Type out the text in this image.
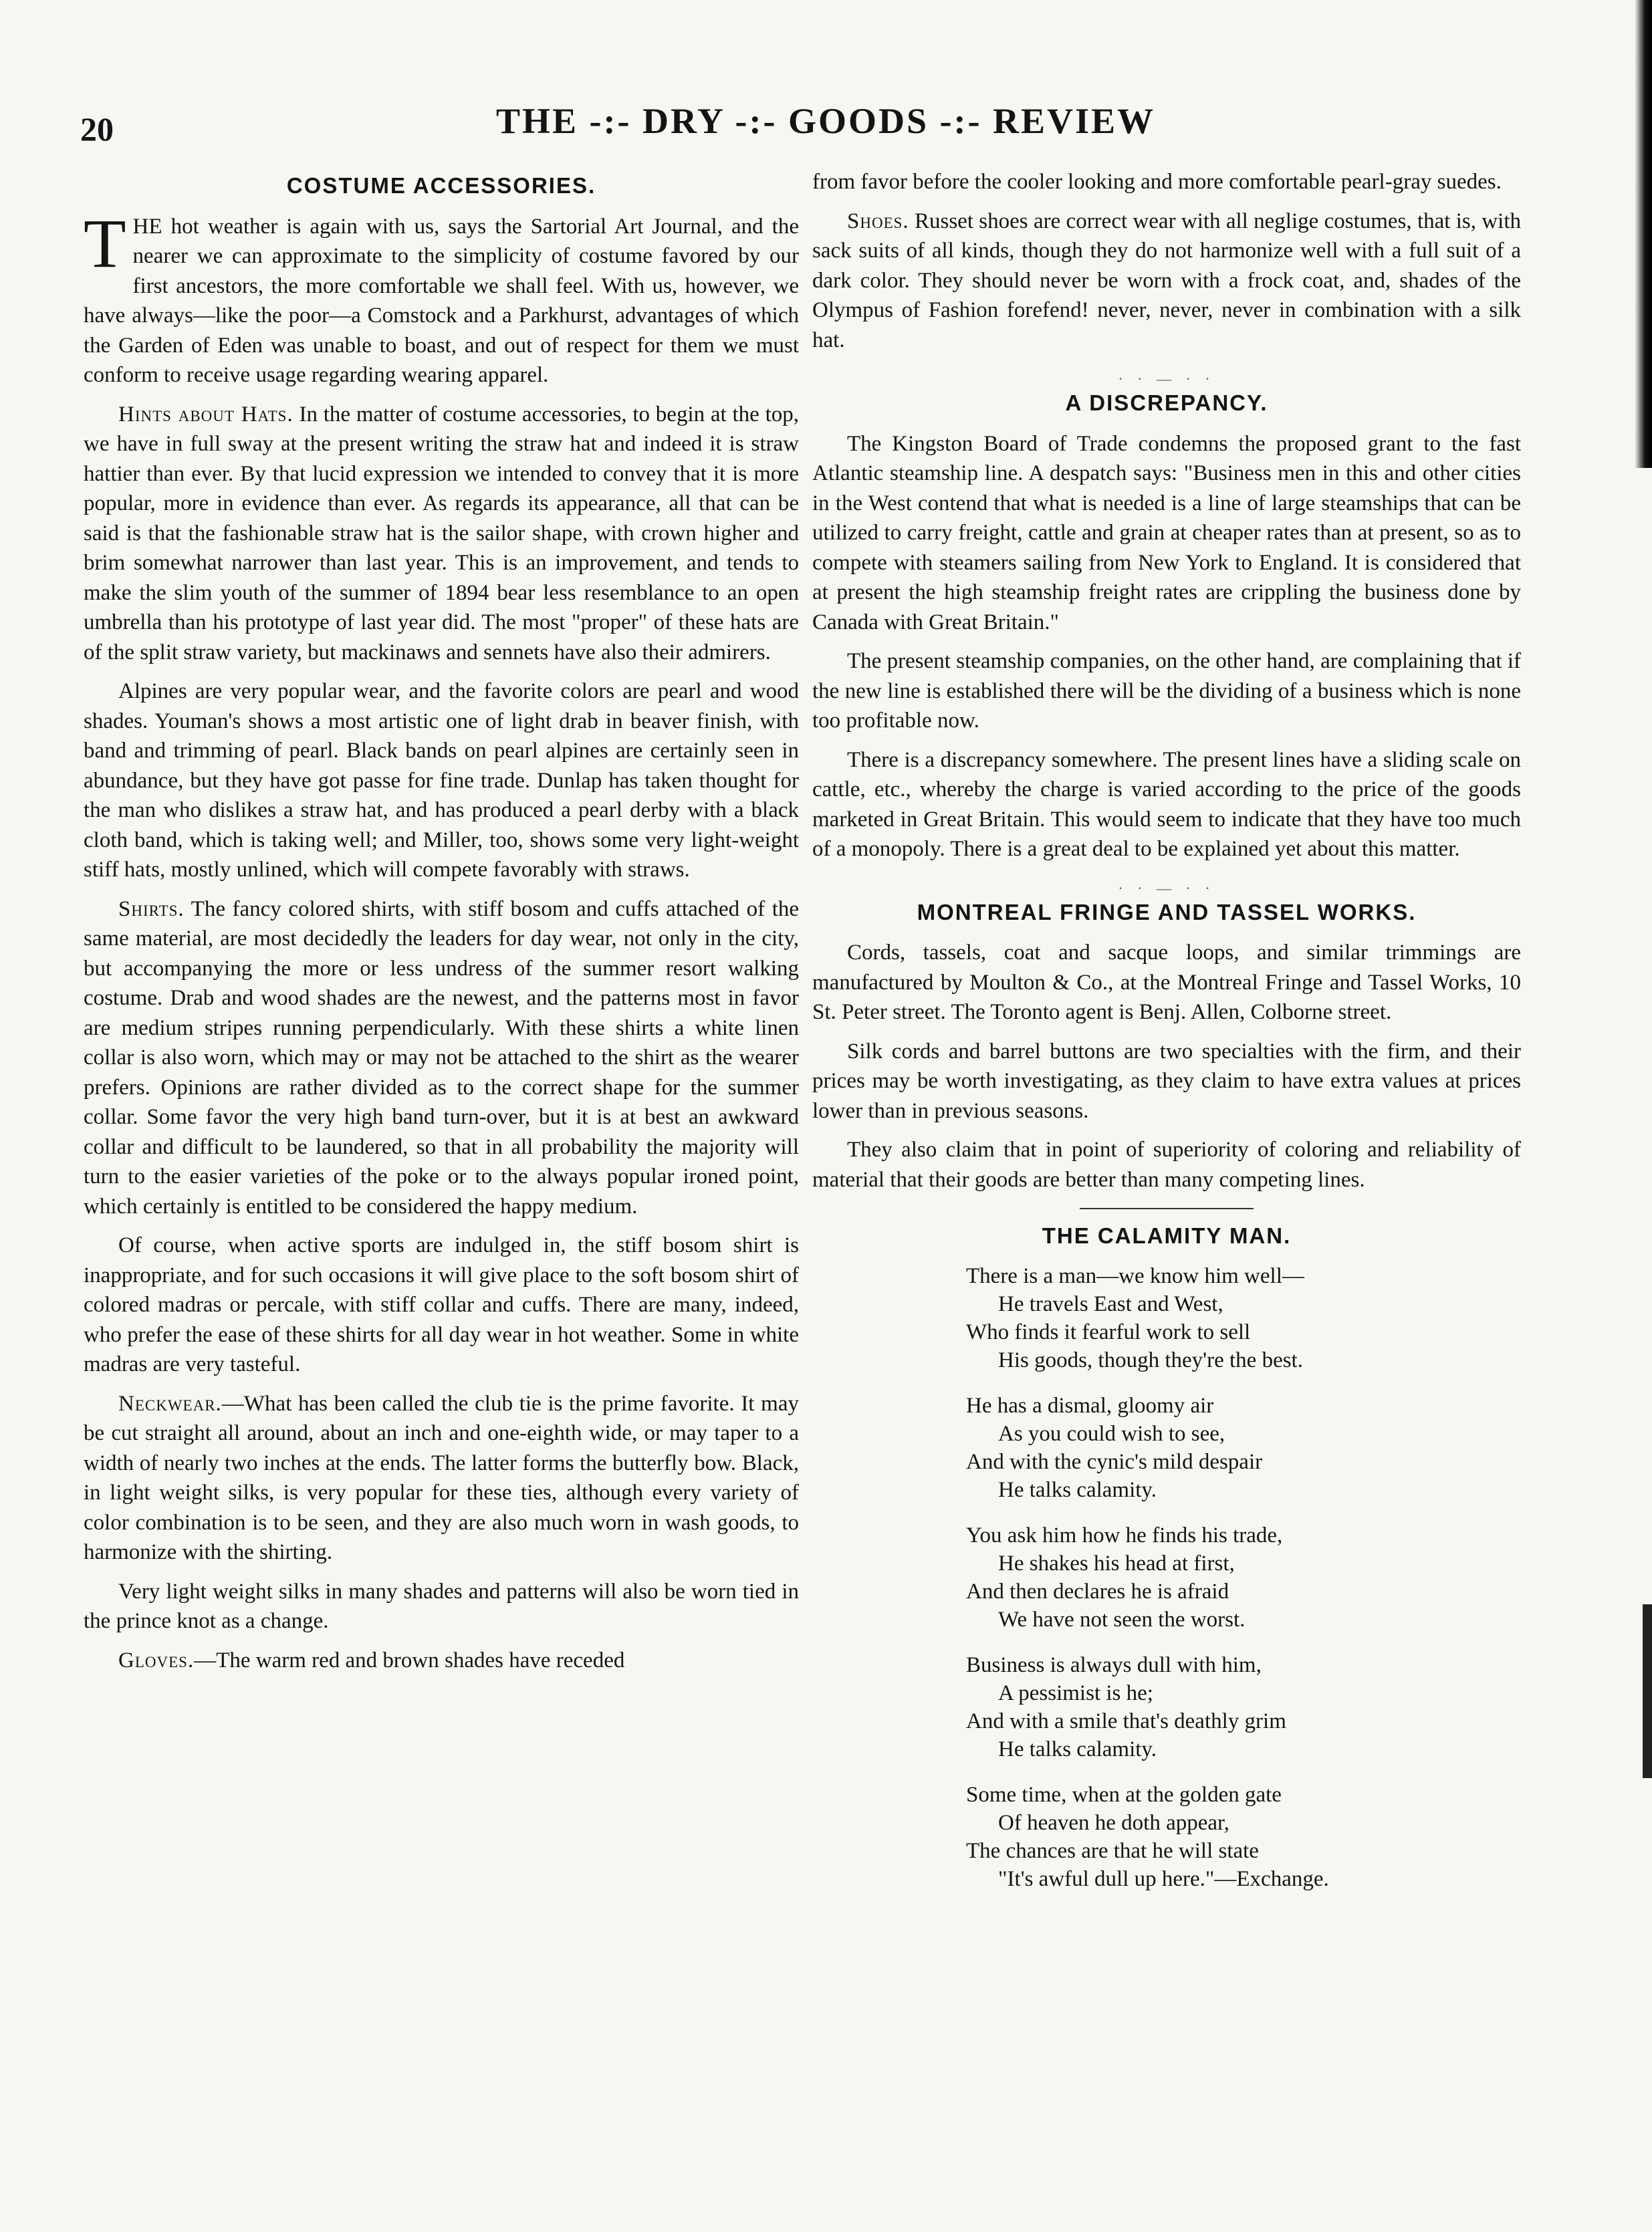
20	THE -:- DRY -:- GOODS -:- REVIEW
COSTUME ACCESSORIES.

THE hot weather is again with us, says the Sartorial Art Journal, and the nearer we can approximate to the simplicity of costume favored by our first ancestors, the more comfortable we shall feel. With us, however, we have always—like the poor—a Comstock and a Parkhurst, advantages of which the Garden of Eden was unable to boast, and out of respect for them we must conform to receive usage regarding wearing apparel.

Hints about Hats. In the matter of costume accessories, to begin at the top, we have in full sway at the present writing the straw hat and indeed it is straw hattier than ever. By that lucid expression we intended to convey that it is more popular, more in evidence than ever. As regards its appearance, all that can be said is that the fashionable straw hat is the sailor shape, with crown higher and brim somewhat narrower than last year. This is an improvement, and tends to make the slim youth of the summer of 1894 bear less resemblance to an open umbrella than his prototype of last year did. The most "proper" of these hats are of the split straw variety, but mackinaws and sennets have also their admirers.

Alpines are very popular wear, and the favorite colors are pearl and wood shades. Youman's shows a most artistic one of light drab in beaver finish, with band and trimming of pearl. Black bands on pearl alpines are certainly seen in abundance, but they have got passe for fine trade. Dunlap has taken thought for the man who dislikes a straw hat, and has produced a pearl derby with a black cloth band, which is taking well; and Miller, too, shows some very light-weight stiff hats, mostly unlined, which will compete favorably with straws.

Shirts. The fancy colored shirts, with stiff bosom and cuffs attached of the same material, are most decidedly the leaders for day wear, not only in the city, but accompanying the more or less undress of the summer resort walking costume. Drab and wood shades are the newest, and the patterns most in favor are medium stripes running perpendicularly. With these shirts a white linen collar is also worn, which may or may not be attached to the shirt as the wearer prefers. Opinions are rather divided as to the correct shape for the summer collar. Some favor the very high band turn-over, but it is at best an awkward collar and difficult to be laundered, so that in all probability the majority will turn to the easier varieties of the poke or to the always popular ironed point, which certainly is entitled to be considered the happy medium.

Of course, when active sports are indulged in, the stiff bosom shirt is inappropriate, and for such occasions it will give place to the soft bosom shirt of colored madras or percale, with stiff collar and cuffs. There are many, indeed, who prefer the ease of these shirts for all day wear in hot weather. Some in white madras are very tasteful.

Neckwear.—What has been called the club tie is the prime favorite. It may be cut straight all around, about an inch and one-eighth wide, or may taper to a width of nearly two inches at the ends. The latter forms the butterfly bow. Black, in light weight silks, is very popular for these ties, although every variety of color combination is to be seen, and they are also much worn in wash goods, to harmonize with the shirting.

Very light weight silks in many shades and patterns will also be worn tied in the prince knot as a change.

Gloves.—The warm red and brown shades have receded

from favor before the cooler looking and more comfortable pearl-gray suedes.

Shoes. Russet shoes are correct wear with all neglige costumes, that is, with sack suits of all kinds, though they do not harmonize well with a full suit of a dark color. They should never be worn with a frock coat, and, shades of the Olympus of Fashion forefend! never, never, never in combination with a silk hat.

· · — · ·
A DISCREPANCY.

The Kingston Board of Trade condemns the proposed grant to the fast Atlantic steamship line. A despatch says: "Business men in this and other cities in the West contend that what is needed is a line of large steamships that can be utilized to carry freight, cattle and grain at cheaper rates than at present, so as to compete with steamers sailing from New York to England. It is considered that at present the high steamship freight rates are crippling the business done by Canada with Great Britain."

The present steamship companies, on the other hand, are complaining that if the new line is established there will be the dividing of a business which is none too profitable now.

There is a discrepancy somewhere. The present lines have a sliding scale on cattle, etc., whereby the charge is varied according to the price of the goods marketed in Great Britain. This would seem to indicate that they have too much of a monopoly. There is a great deal to be explained yet about this matter.

· · — · ·
MONTREAL FRINGE AND TASSEL WORKS.

Cords, tassels, coat and sacque loops, and similar trimmings are manufactured by Moulton & Co., at the Montreal Fringe and Tassel Works, 10 St. Peter street. The Toronto agent is Benj. Allen, Colborne street.

Silk cords and barrel buttons are two specialties with the firm, and their prices may be worth investigating, as they claim to have extra values at prices lower than in previous seasons.

They also claim that in point of superiority of coloring and reliability of material that their goods are better than many competing lines.

THE CALAMITY MAN.
There is a man—we know him well—
He travels East and West,
Who finds it fearful work to sell
His goods, though they're the best.
He has a dismal, gloomy air
As you could wish to see,
And with the cynic's mild despair
He talks calamity.
You ask him how he finds his trade,
He shakes his head at first,
And then declares he is afraid
We have not seen the worst.
Business is always dull with him,
A pessimist is he;
And with a smile that's deathly grim
He talks calamity.
Some time, when at the golden gate
Of heaven he doth appear,
The chances are that he will state
"It's awful dull up here."—Exchange.
